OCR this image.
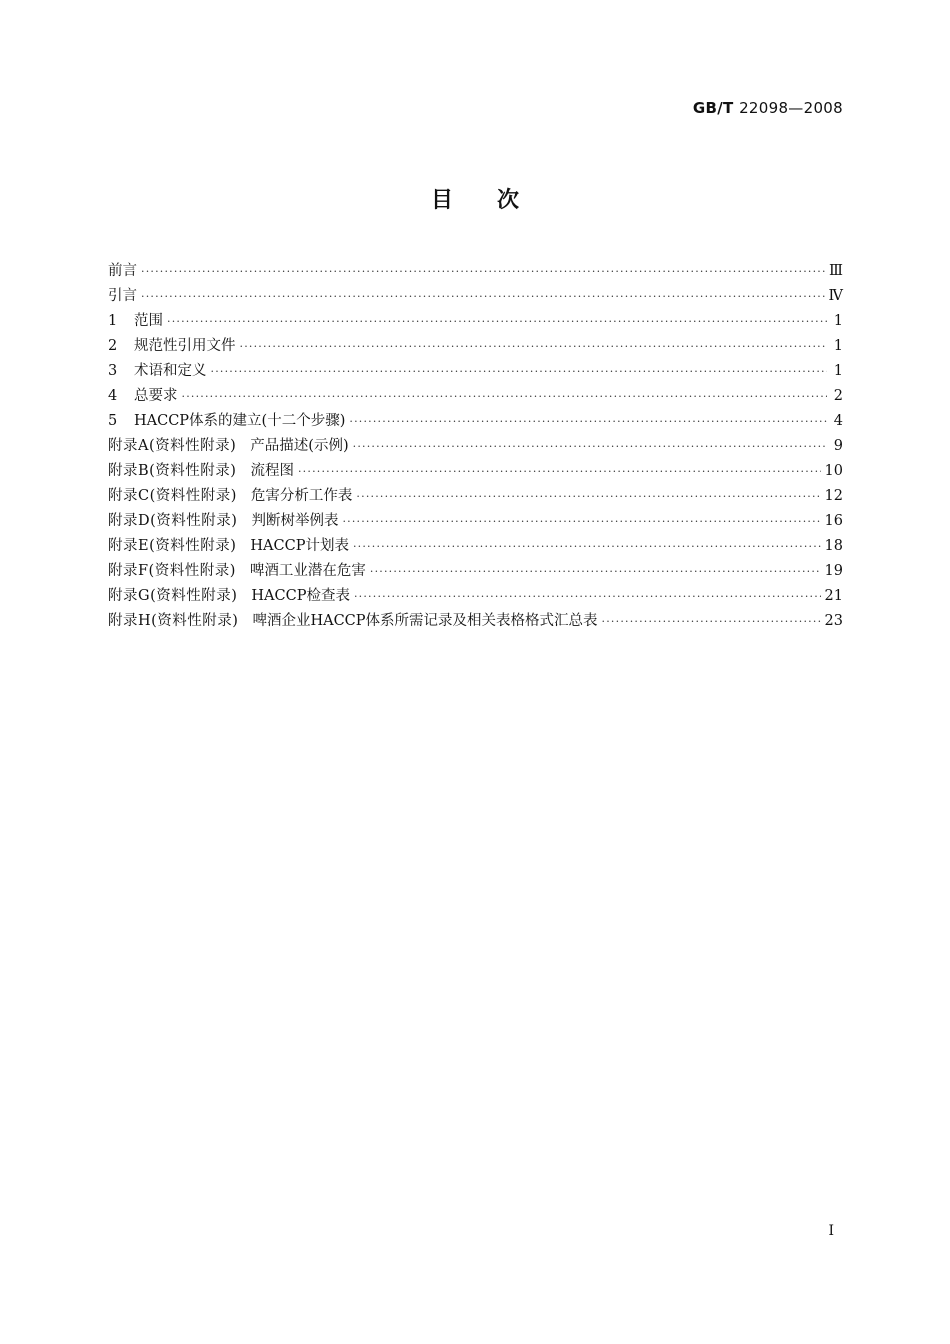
GB/T 22098—2008
目次
前言 ·····	Ⅲ
引言 ·····	Ⅳ
1 范围 ·····	1
2 规范性引用文件 ·····	1
3 术语和定义 ·····	1
4 总要求 ·····	2
5 HACCP体系的建立(十二个步骤) ·····	4
附录A(资料性附录) 产品描述(示例) ·····	9
附录B(资料性附录) 流程图 ·····	10
附录C(资料性附录) 危害分析工作表 ·····	12
附录D(资料性附录) 判断树举例表 ·····	16
附录E(资料性附录) HACCP计划表 ·····	18
附录F(资料性附录) 啤酒工业潜在危害 ·····	19
附录G(资料性附录) HACCP检查表 ·····	21
附录H(资料性附录) 啤酒企业HACCP体系所需记录及相关表格格式汇总表 ·····	23
Ⅰ
